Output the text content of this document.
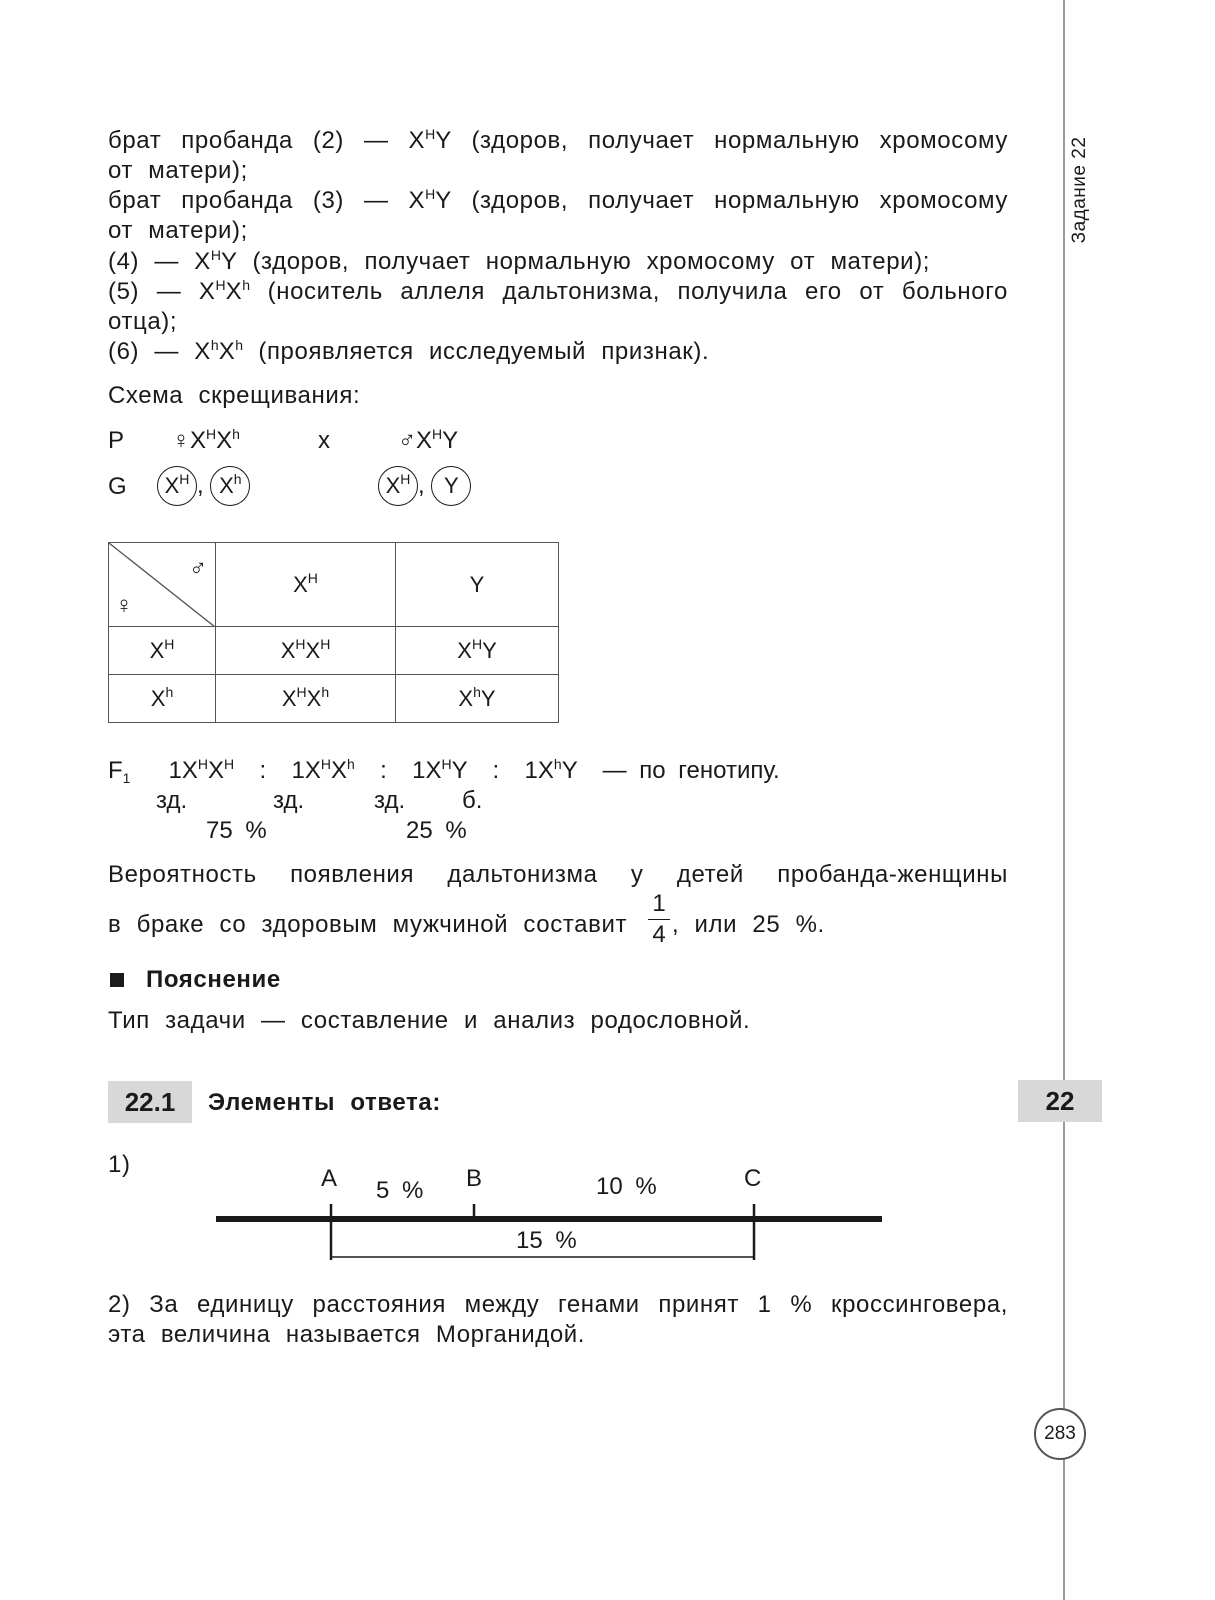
Задание 22
22
283
брат пробанда (2) — $X^HY$ (здоров, получает нормальную хромосому
от матери);
брат пробанда (3) — $X^HY$ (здоров, получает нормальную хромосому
от матери);
(4) — $X^HY$ (здоров, получает нормальную хромосому от матери);
(5) — $X^HX^h$ (носитель аллеля дальтонизма, получила его от больного
отца);
(6) — $X^hX^h$ (проявляется исследуемый признак).
Схема скрещивания:
P $♀X^HX^h$	x	$♂X^HY$
G	$X^H$ , $X^h$	$X^H$ , Y
♂
♀	$X^H$	Y
$X^H$	$X^HX^H$	$X^HY$
$X^h$	$X^HX^h$	$X^hY$
$F_1$ $1X^HX^H$ : $1X^HX^h$ : $1X^HY$ : $1X^hY$ — по генотипу.
зд.	зд.	зд. б.
75 %	25 %
Вероятность появления дальтонизма у детей пробанда-женщины
в браке со здоровым мужчиной составит
1
4 , или 25 %.
Пояснение
Тип задачи — составление и анализ родословной.
22.1	Элементы ответа:
1)
A	B	C
5 %	10 %
15 %
2) За единицу расстояния между генами принят 1 % кроссинговера,
эта величина называется Морганидой.
